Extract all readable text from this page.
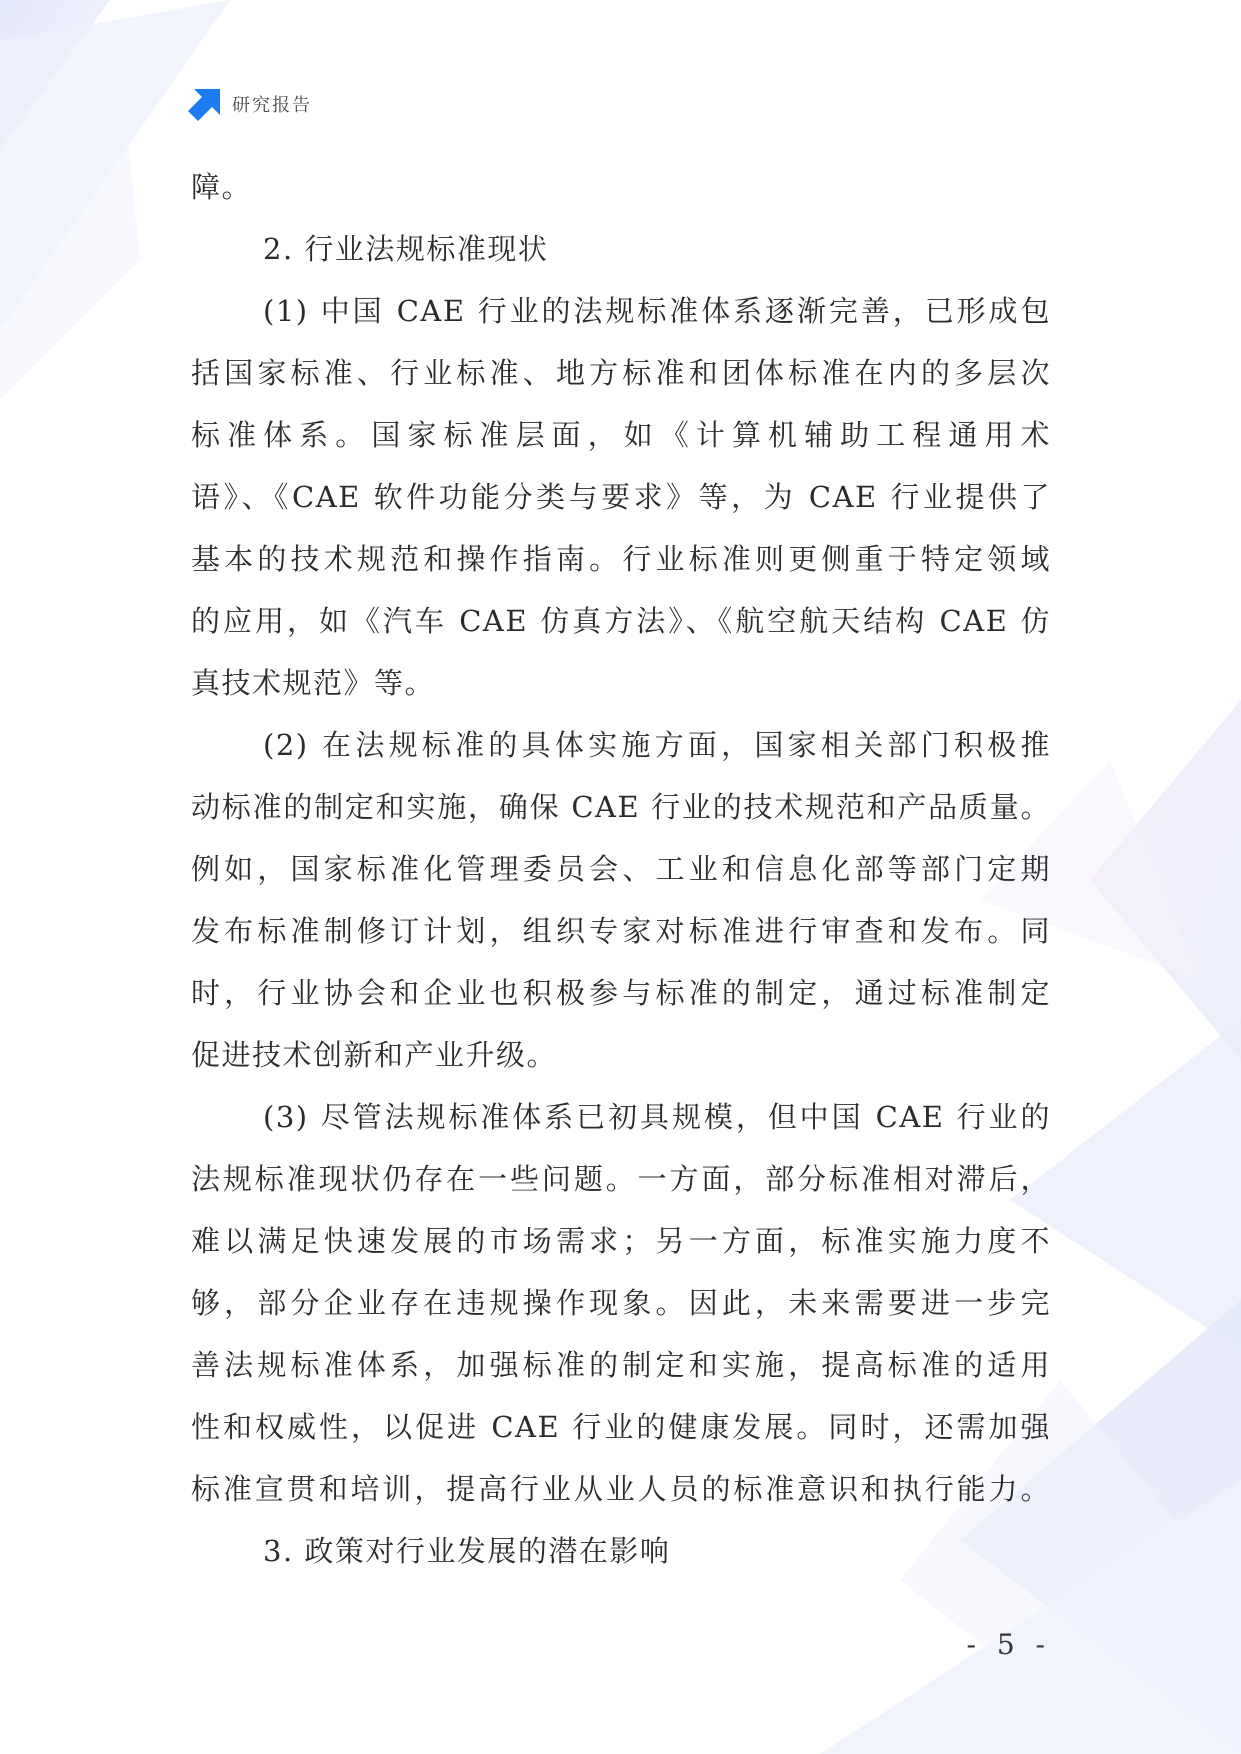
研究报告
障。
2. 行业法规标准现状
(1) 中国 CAE 行业的法规标准体系逐渐完善，已形成包
括国家标准、行业标准、地方标准和团体标准在内的多层次
标准体系。国家标准层面，如《计算机辅助工程通用术
语》、《CAE 软件功能分类与要求》等，为 CAE 行业提供了
基本的技术规范和操作指南。行业标准则更侧重于特定领域
的应用，如《汽车 CAE 仿真方法》、《航空航天结构 CAE 仿
真技术规范》等。
(2) 在法规标准的具体实施方面，国家相关部门积极推
动标准的制定和实施，确保 CAE 行业的技术规范和产品质量。
例如，国家标准化管理委员会、工业和信息化部等部门定期
发布标准制修订计划，组织专家对标准进行审查和发布。同
时，行业协会和企业也积极参与标准的制定，通过标准制定
促进技术创新和产业升级。
(3) 尽管法规标准体系已初具规模，但中国 CAE 行业的
法规标准现状仍存在一些问题。一方面，部分标准相对滞后，
难以满足快速发展的市场需求；另一方面，标准实施力度不
够，部分企业存在违规操作现象。因此，未来需要进一步完
善法规标准体系，加强标准的制定和实施，提高标准的适用
性和权威性，以促进 CAE 行业的健康发展。同时，还需加强
标准宣贯和培训，提高行业从业人员的标准意识和执行能力。
3. 政策对行业发展的潜在影响
- 5 -
